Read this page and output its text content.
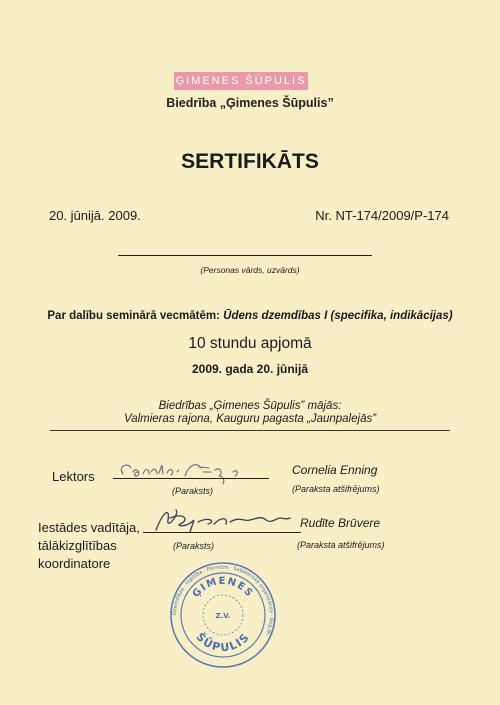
ĢIMENES ŠŪPULIS
Biedrība „Ģimenes Šūpulis”
SERTIFIKĀTS
20. jūnijā. 2009.	Nr. NT-174/2009/P-174
(Personas vārds, uzvārds)
Par dalību seminārā vecmātēm: Ūdens dzemdības I (specifika, indikācijas)
10 stundu apjomā
2009. gada 20. jūnijā
Biedrības „Ģimenes Šūpulis” mājās:
Valmieras rajona, Kauguru pagasta „Jaunpalejās”
Lektors
(Paraksts)
Cornelia Enning
(Paraksta atšifrējums)
Iestādes vadītāja,
tālākizglītības
koordinatore
(Paraksts)
Rudīte Brūvere
(Paraksta atšifrējums)
ĢIMENES
ŠŪPULIS
Dzemdības · Izglītība · Pieredze · Sabiedriskā organizācija · Reģ.Nr.
Z.V.
